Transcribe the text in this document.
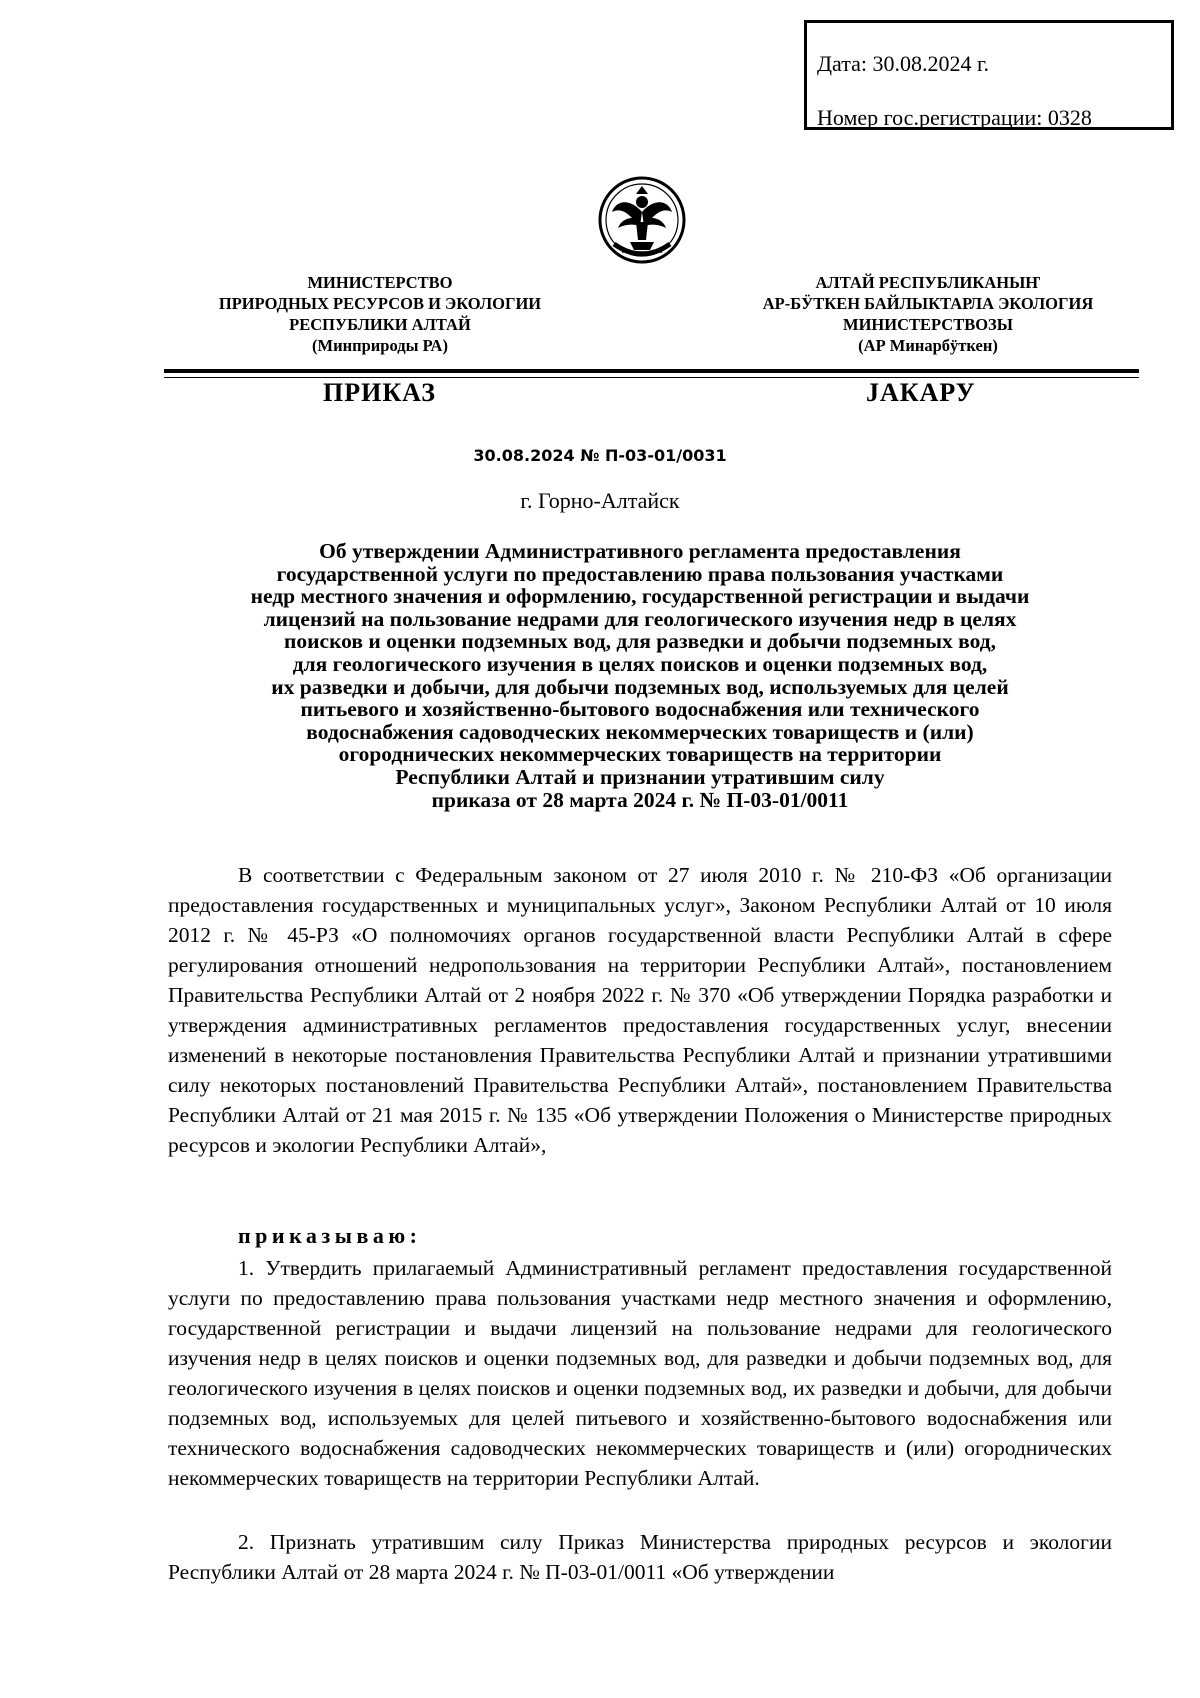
Дата: 30.08.2024 г.
Номер гос.регистрации: 0328
МИНИСТЕРСТВО
ПРИРОДНЫХ РЕСУРСОВ И ЭКОЛОГИИ
РЕСПУБЛИКИ АЛТАЙ
(Минприроды РА)
АЛТАЙ РЕСПУБЛИКАНЫҤ
АР-БӰТКЕН БАЙЛЫКТАРЛА ЭКОЛОГИЯ
МИНИСТЕРСТВОЗЫ
(АР Минарбӱткен)
ПРИКАЗ	JАКАРУ
30.08.2024 № П-03-01/0031
г. Горно-Алтайск
Об утверждении Административного регламента предоставления
государственной услуги по предоставлению права пользования участками
недр местного значения и оформлению, государственной регистрации и выдачи
лицензий на пользование недрами для геологического изучения недр в целях
поисков и оценки подземных вод, для разведки и добычи подземных вод,
для геологического изучения в целях поисков и оценки подземных вод,
их разведки и добычи, для добычи подземных вод, используемых для целей
питьевого и хозяйственно-бытового водоснабжения или технического
водоснабжения садоводческих некоммерческих товариществ и (или)
огороднических некоммерческих товариществ на территории
Республики Алтай и признании утратившим силу
приказа от 28 марта 2024 г. № П-03-01/0011

В соответствии с Федеральным законом от 27 июля 2010 г. № 210-ФЗ «Об организации предоставления государственных и муниципальных услуг», Законом Республики Алтай от 10 июля 2012 г. № 45-РЗ «О полномочиях органов государственной власти Республики Алтай в сфере регулирования отношений недропользования на территории Республики Алтай», постановлением Правительства Республики Алтай от 2 ноября 2022 г. № 370 «Об утверждении Порядка разработки и утверждения административных регламентов предоставления государственных услуг, внесении изменений в некоторые постановления Правительства Республики Алтай и признании утратившими силу некоторых постановлений Правительства Республики Алтай», постановлением Правительства Республики Алтай от 21 мая 2015 г. № 135 «Об утверждении Положения о Министерстве природных ресурсов и экологии Республики Алтай»,

приказываю:

1. Утвердить прилагаемый Административный регламент предоставления государственной услуги по предоставлению права пользования участками недр местного значения и оформлению, государственной регистрации и выдачи лицензий на пользование недрами для геологического изучения недр в целях поисков и оценки подземных вод, для разведки и добычи подземных вод, для геологического изучения в целях поисков и оценки подземных вод, их разведки и добычи, для добычи подземных вод, используемых для целей питьевого и хозяйственно-бытового водоснабжения или технического водоснабжения садоводческих некоммерческих товариществ и (или) огороднических некоммерческих товариществ на территории Республики Алтай.

2. Признать утратившим силу Приказ Министерства природных ресурсов и экологии Республики Алтай от 28 марта 2024 г. № П-03-01/0011 «Об утверждении
